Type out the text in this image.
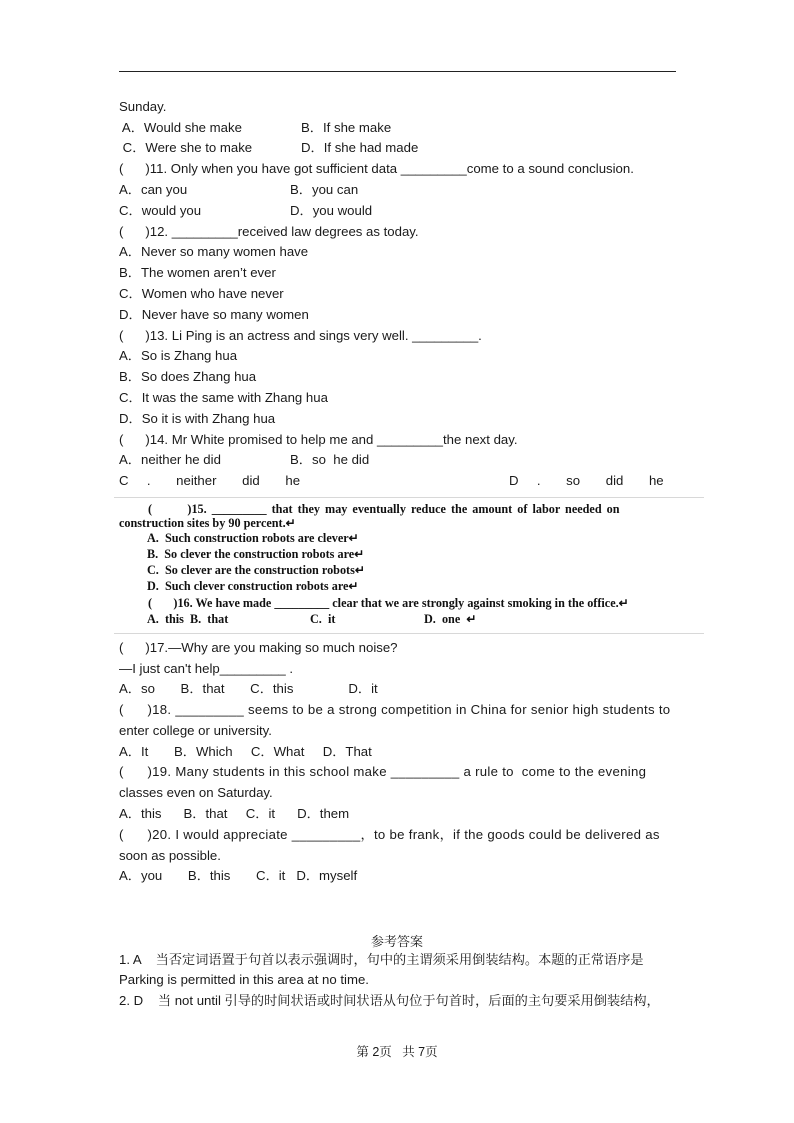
Sunday.
A．Would she make	B．If she make
C．Were she to make	D．If she had made
(      )11. Only when you have got sufficient data _________come to a sound conclusion.
A．can you	B．you can
C．would you	D．you would
(      )12. _________received law degrees as today.
A．Never so many women have
B．The women aren’t ever
C．Women who have never
D．Never have so many women
(      )13. Li Ping is an actress and sings very well. _________.
A．So is Zhang hua
B．So does Zhang hua
C．It was the same with Zhang hua
D．So it is with Zhang hua
(      )14. Mr White promised to help me and _________the next day.
A．neither he did	B．so  he did
C     .       neither       did       he	D     .       so       did       he
(       )15. _________ that they may eventually reduce the amount of labor needed on
construction sites by 90 percent.↵
A.  Such construction robots are clever↵
B.  So clever the construction robots are↵
C.  So clever are the construction robots↵
D.  Such clever construction robots are↵
(       )16. We have made _________ clear that we are strongly against smoking in the office.↵
A.  this  B.  that	C.  it	D.  one  ↵
(      )17.—Why are you making so much noise?
—I just can't help_________ .
A．so       B．that       C．this               D．it
(      )18. _________ seems to be a strong competition in China for senior high students to
enter college or university.
A．It       B．Which     C．What     D．That
(      )19. Many students in this school make _________ a rule to  come to the evening
classes even on Saturday.
A．this      B．that     C．it      D．them
(      )20. I would appreciate _________，to be frank，if the goods could be delivered as
soon as possible.
A．you       B．this       C．it   D．myself
参考答案
1. A    当否定词语置于句首以表示强调时，句中的主谓须采用倒装结构。本题的正常语序是
Parking is permitted in this area at no time.
2. D    当 not until 引导的时间状语或时间状语从句位于句首时，后面的主句要采用倒装结构，
第 2页   共 7页
